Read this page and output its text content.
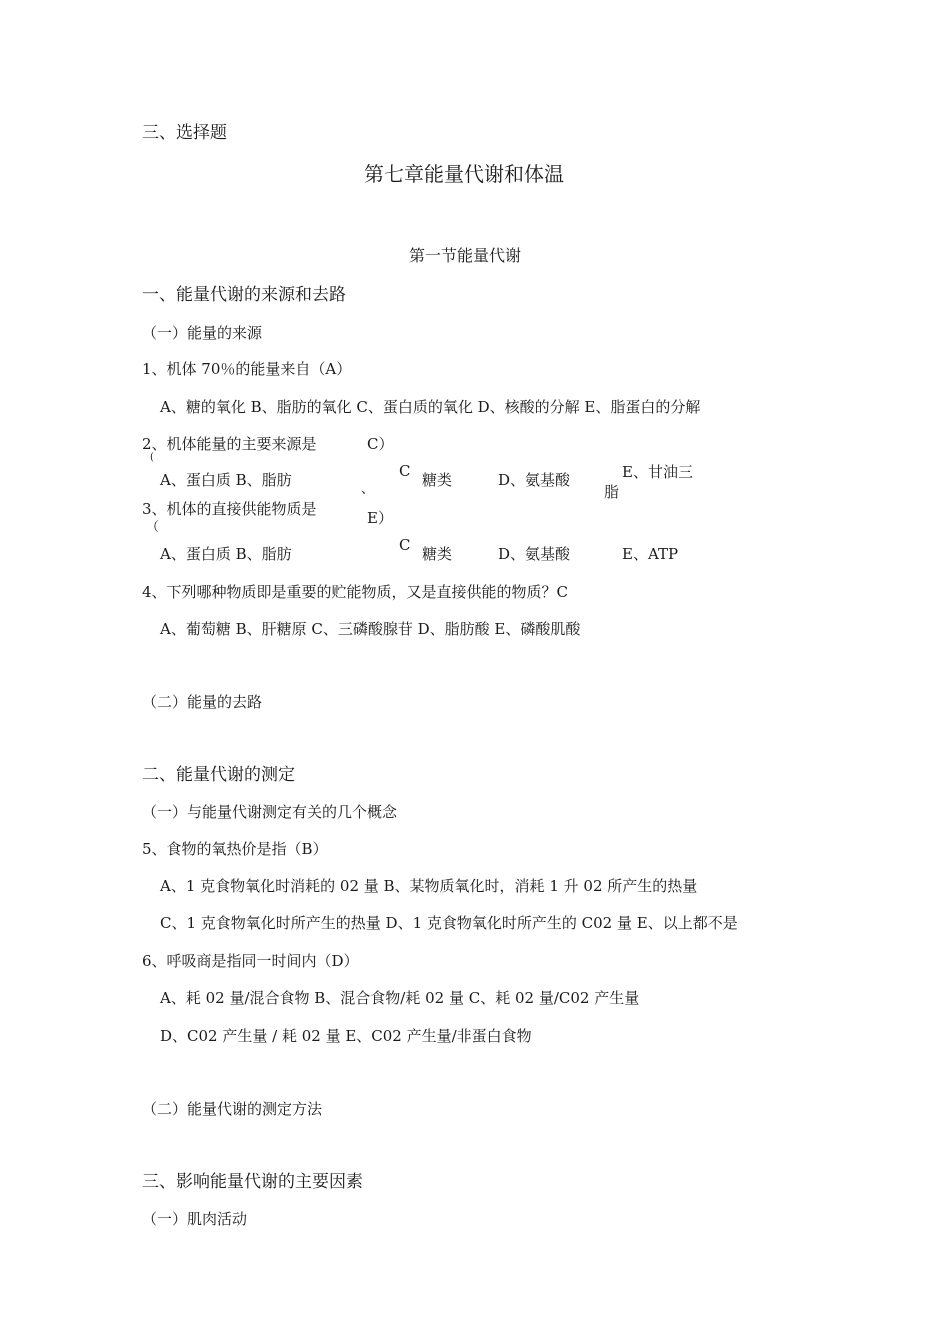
三、选择题
第七章能量代谢和体温
第一节能量代谢
一、能量代谢的来源和去路
（一）能量的来源
1、机体 70％的能量来自（A）
A、糖的氧化 B、脂肪的氧化 C、蛋白质的氧化 D、核酸的分解 E、脂蛋白的分解
2、机体能量的主要来源是	C）
(
A、蛋白质 B、脂肪	C
、
糖类	D、氨基酸	E、甘油三
脂
3、机体的直接供能物质是	E）
（
A、蛋白质 B、脂肪	C 糖类	D、氨基酸	E、ATP
4、下列哪种物质即是重要的贮能物质，又是直接供能的物质？C
A、葡萄糖 B、肝糖原 C、三磷酸腺苷 D、脂肪酸 E、磷酸肌酸
（二）能量的去路
二、能量代谢的测定
（一）与能量代谢测定有关的几个概念
5、食物的氧热价是指（B）
A、1 克食物氧化时消耗的 02 量 B、某物质氧化时，消耗 1 升 02 所产生的热量
C、1 克食物氧化时所产生的热量 D、1 克食物氧化时所产生的 C02 量 E、以上都不是
6、呼吸商是指同一时间内（D）
A、耗 02 量/混合食物 B、混合食物/耗 02 量 C、耗 02 量/C02 产生量
D、C02 产生量 / 耗 02 量 E、C02 产生量/非蛋白食物
（二）能量代谢的测定方法
三、影响能量代谢的主要因素
（一）肌肉活动
